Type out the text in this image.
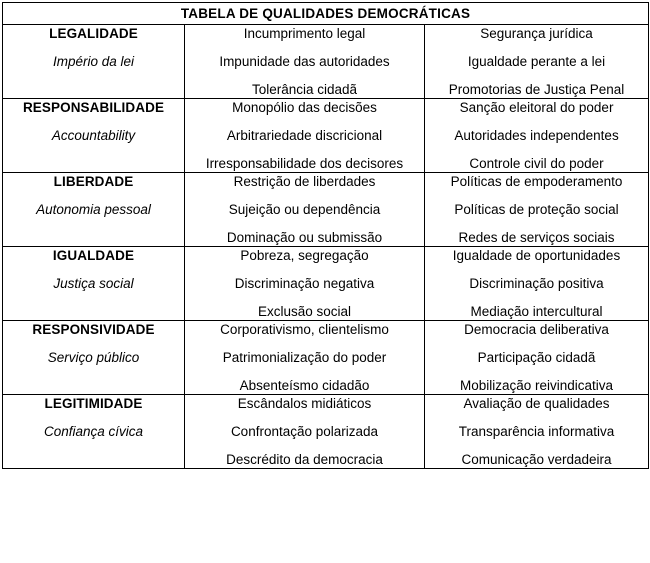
TABELA DE QUALIDADES DEMOCRÁTICAS		

LEGALIDADE
Império da lei

Incumprimento legal
Impunidade das autoridades
Tolerância cidadã

Segurança jurídica
Igualdade perante a lei
Promotorias de Justiça Penal

RESPONSABILIDADE
Accountability

Monopólio das decisões
Arbitrariedade discricional
Irresponsabilidade dos decisores

Sanção eleitoral do poder
Autoridades independentes
Controle civil do poder

LIBERDADE
Autonomia pessoal

Restrição de liberdades
Sujeição ou dependência
Dominação ou submissão

Políticas de empoderamento
Políticas de proteção social
Redes de serviços sociais

IGUALDADE
Justiça social

Pobreza, segregação
Discriminação negativa
Exclusão social

Igualdade de oportunidades
Discriminação positiva
Mediação intercultural

RESPONSIVIDADE
Serviço público

Corporativismo, clientelismo
Patrimonialização do poder
Absenteísmo cidadão

Democracia deliberativa
Participação cidadã
Mobilização reivindicativa

LEGITIMIDADE
Confiança cívica

Escândalos midiáticos
Confrontação polarizada
Descrédito da democracia

Avaliação de qualidades
Transparência informativa
Comunicação verdadeira
